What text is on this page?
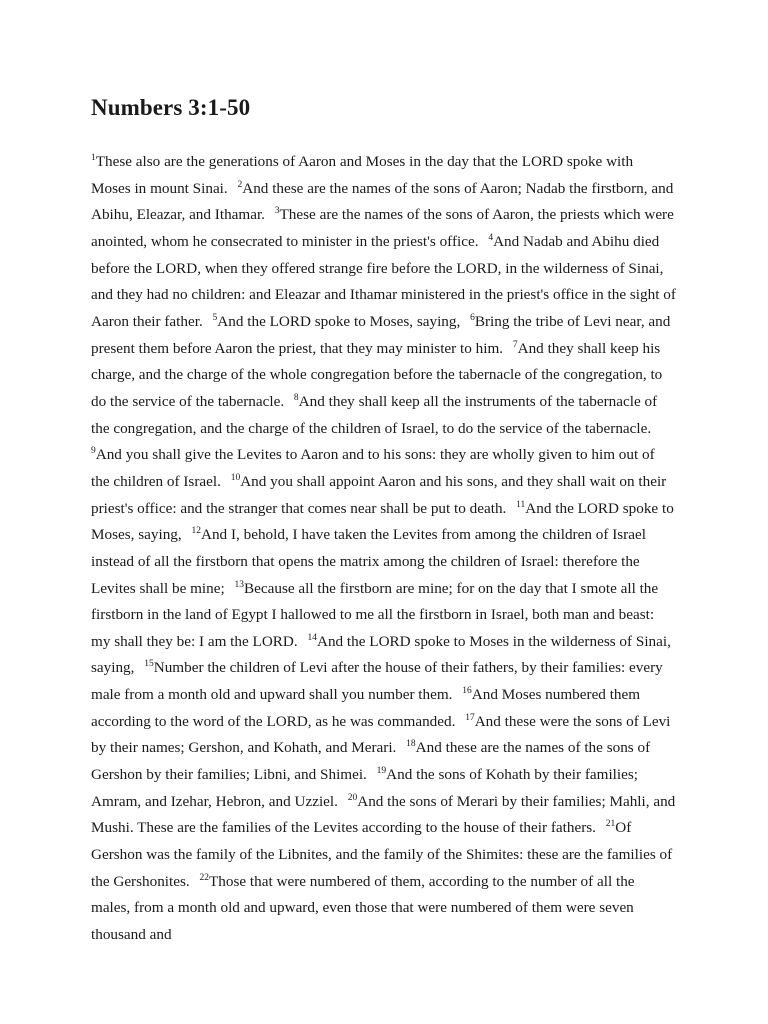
Numbers 3:1-50

$^1$These also are the generations of Aaron and Moses in the day that the LORD spoke with Moses in mount Sinai. $^2$And these are the names of the sons of Aaron; Nadab the firstborn, and Abihu, Eleazar, and Ithamar. $^3$These are the names of the sons of Aaron, the priests which were anointed, whom he consecrated to minister in the priest's office. $^4$And Nadab and Abihu died before the LORD, when they offered strange fire before the LORD, in the wilderness of Sinai, and they had no children: and Eleazar and Ithamar ministered in the priest's office in the sight of Aaron their father. $^5$And the LORD spoke to Moses, saying, $^6$Bring the tribe of Levi near, and present them before Aaron the priest, that they may minister to him. $^7$And they shall keep his charge, and the charge of the whole congregation before the tabernacle of the congregation, to do the service of the tabernacle. $^8$And they shall keep all the instruments of the tabernacle of the congregation, and the charge of the children of Israel, to do the service of the tabernacle. $^9$And you shall give the Levites to Aaron and to his sons: they are wholly given to him out of the children of Israel. $^{10}$And you shall appoint Aaron and his sons, and they shall wait on their priest's office: and the stranger that comes near shall be put to death. $^{11}$And the LORD spoke to Moses, saying, $^{12}$And I, behold, I have taken the Levites from among the children of Israel instead of all the firstborn that opens the matrix among the children of Israel: therefore the Levites shall be mine; $^{13}$Because all the firstborn are mine; for on the day that I smote all the firstborn in the land of Egypt I hallowed to me all the firstborn in Israel, both man and beast: my shall they be: I am the LORD. $^{14}$And the LORD spoke to Moses in the wilderness of Sinai, saying, $^{15}$Number the children of Levi after the house of their fathers, by their families: every male from a month old and upward shall you number them. $^{16}$And Moses numbered them according to the word of the LORD, as he was commanded. $^{17}$And these were the sons of Levi by their names; Gershon, and Kohath, and Merari. $^{18}$And these are the names of the sons of Gershon by their families; Libni, and Shimei. $^{19}$And the sons of Kohath by their families; Amram, and Izehar, Hebron, and Uzziel. $^{20}$And the sons of Merari by their families; Mahli, and Mushi. These are the families of the Levites according to the house of their fathers. $^{21}$Of Gershon was the family of the Libnites, and the family of the Shimites: these are the families of the Gershonites. $^{22}$Those that were numbered of them, according to the number of all the males, from a month old and upward, even those that were numbered of them were seven thousand and
